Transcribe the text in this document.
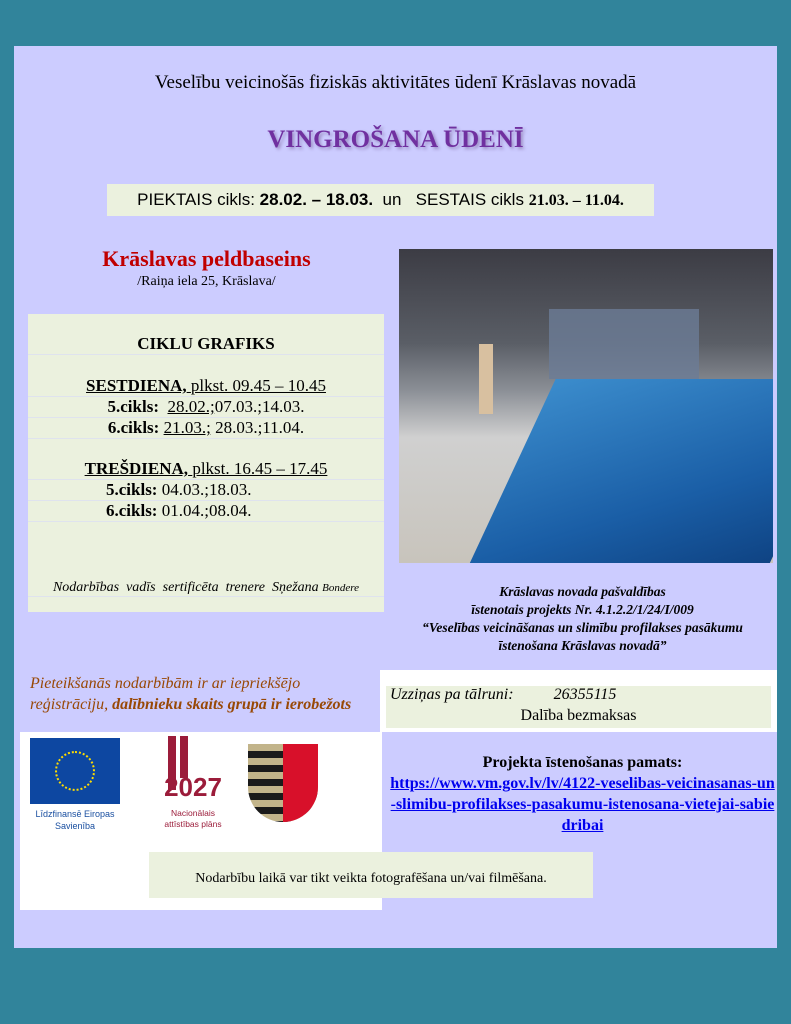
Veselību veicinošās fiziskās aktivitātes ūdenī Krāslavas novadā
VINGROŠANA ŪDENĪ
PIEKTAIS cikls: 28.02. – 18.03. un SESTAIS cikls 21.03. – 11.04.
Krāslavas peldbaseins
/Raiņa iela 25, Krāslava/
CIKLU GRAFIKS
SESTDIENA, plkst. 09.45 – 10.45
5.cikls: 28.02.;07.03.;14.03.
6.cikls: 21.03.; 28.03.;11.04.
TREŠDIENA, plkst. 16.45 – 17.45
5.cikls: 04.03.;18.03.
6.cikls: 01.04.;08.04.
Nodarbības  vadīs  sertificēta  trenere  Sņežana Bondere	Krāslavas novada pašvaldības
īstenotais projekts Nr. 4.1.2.2/1/24/I/009
“Veselības veicināšanas un slimību profilakses pasākumu
īstenošana Krāslavas novadā”
Pieteikšanās nodarbībām ir ar iepriekšējo reģistrāciju, dalībnieku skaits grupā ir ierobežots
Uzziņas pa tālruni:	26355115
Dalība bezmaksas
Līdzfinansē Eiropas Savienība
2027
Nacionālais attīstības plāns
Projekta īstenošanas pamats:
https://www.vm.gov.lv/lv/4122-veselibas-veicinasanas-un-slimibu-profilakses-pasakumu-istenosana-vietejai-sabiedribai
Nodarbību laikā var tikt veikta fotografēšana un/vai filmēšana.
